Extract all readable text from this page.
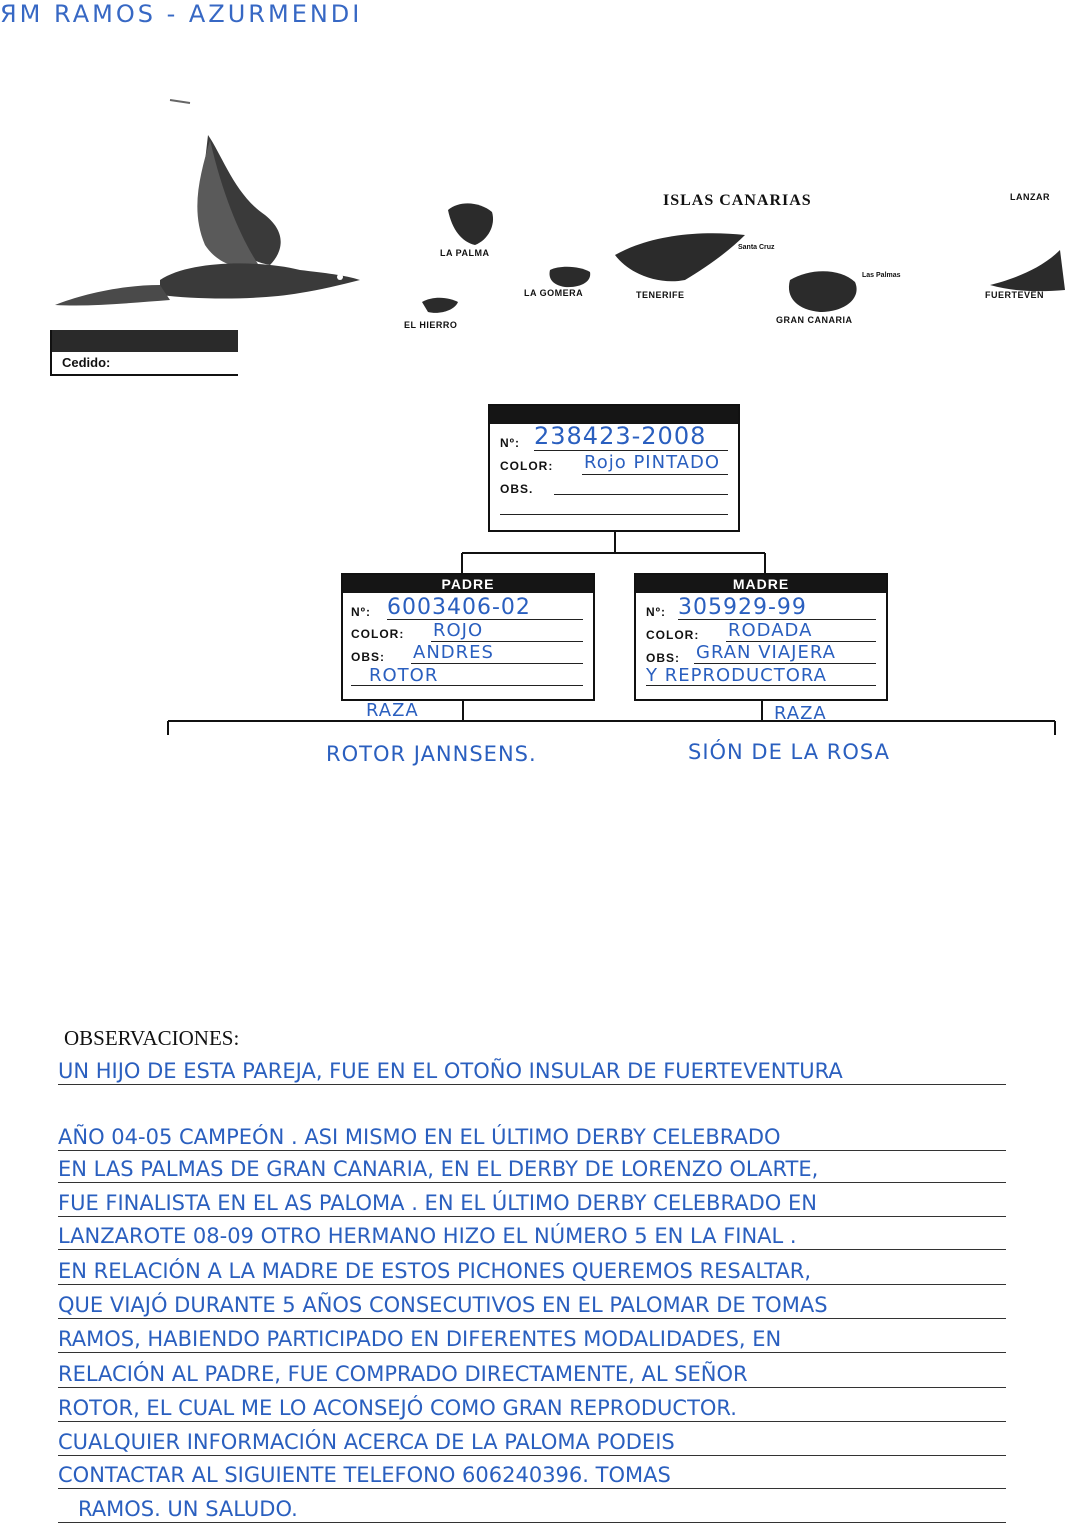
ЯM RAMOS - AZURMENDI
ISLAS CANARIAS
LA PALMA
LA GOMERA	TENERIFE
EL HIERRO	GRAN CANARIA
LANZAR
FUERTEVEN
Santa Cruz
Las Palmas
Cedido:
Nº: 238423-2008
COLOR: Rojo PINTADO
OBS.
PADRE
Nº: 6003406-02
COLOR: ROJO
OBS: ANDRES
ROTOR
MADRE
Nº: 305929-99
COLOR: RODADA
OBS: GRAN VIAJERA
Y REPRODUCTORA
RAZA
ROTOR JANNSENS.
RAZA
SIÓN DE LA ROSA
OBSERVACIONES:
UN HIJO DE ESTA PAREJA, FUE EN EL OTOÑO INSULAR DE FUERTEVENTURA
AÑO 04-05 CAMPEÓN . ASI MISMO EN EL ÚLTIMO DERBY CELEBRADO
EN LAS PALMAS DE GRAN CANARIA, EN EL DERBY DE LORENZO OLARTE,
FUE FINALISTA EN EL AS PALOMA . EN EL ÚLTIMO DERBY CELEBRADO EN
LANZAROTE 08-09 OTRO HERMANO HIZO EL NÚMERO 5 EN LA FINAL .
EN RELACIÓN A LA MADRE DE ESTOS PICHONES QUEREMOS RESALTAR,
QUE VIAJÓ DURANTE 5 AÑOS CONSECUTIVOS EN EL PALOMAR DE TOMAS
RAMOS, HABIENDO PARTICIPADO EN DIFERENTES MODALIDADES, EN
RELACIÓN AL PADRE, FUE COMPRADO DIRECTAMENTE, AL SEÑOR
ROTOR, EL CUAL ME LO ACONSEJÓ COMO GRAN REPRODUCTOR.
CUALQUIER INFORMACIÓN ACERCA DE LA PALOMA PODEIS
CONTACTAR AL SIGUIENTE TELEFONO 606240396. TOMAS
RAMOS. UN SALUDO.
